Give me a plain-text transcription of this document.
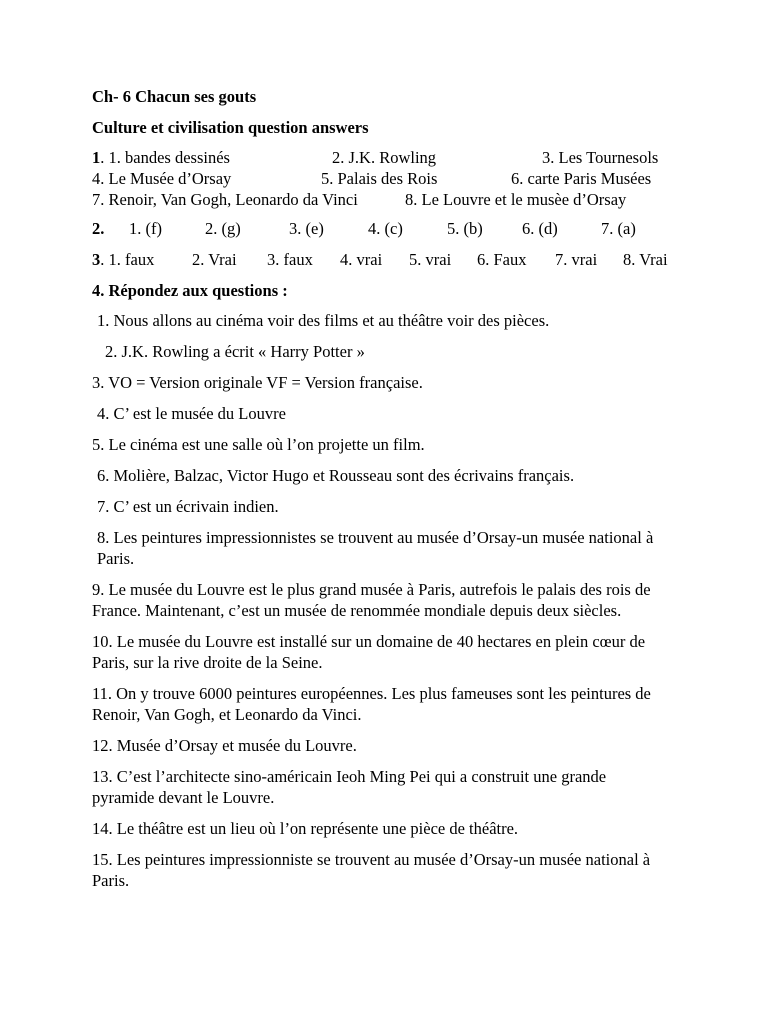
Ch- 6 Chacun ses gouts

Culture et civilisation question answers

1. 1. bandes dessinés	2. J.K. Rowling	3. Les Tournesols
4. Le Musée d’Orsay	5. Palais des Rois	6. carte Paris Musées
7. Renoir, Van Gogh, Leonardo da Vinci	8. Le Louvre et le musèe d’Orsay
2. 1. (f)	2. (g)	3. (e)	4. (c)	5. (b) 6. (d)	7. (a)
3. 1. faux 2. Vrai 3. faux 4. vrai 5. vrai 6. Faux 7. vrai 8. Vrai

4. Répondez aux questions :

1. Nous allons au cinéma voir des films et au théâtre voir des pièces.

2. J.K. Rowling a écrit « Harry Potter »

3. VO = Version originale VF = Version française.

4. C’ est le musée du Louvre

5. Le cinéma est une salle où l’on projette un film.

6. Molière, Balzac, Victor Hugo et Rousseau sont des écrivains français.

7. C’ est un écrivain indien.

8. Les peintures impressionnistes se trouvent au musée d’Orsay-un musée national à Paris.

9. Le musée du Louvre est le plus grand musée à Paris, autrefois le palais des rois de France. Maintenant, c’est un musée de renommée mondiale depuis deux siècles.

10. Le musée du Louvre est installé sur un domaine de 40 hectares en plein cœur de Paris, sur la rive droite de la Seine.

11. On y trouve 6000 peintures européennes. Les plus fameuses sont les peintures de Renoir, Van Gogh, et Leonardo da Vinci.

12. Musée d’Orsay et musée du Louvre.

13. C’est l’architecte sino-américain Ieoh Ming Pei qui a construit une grande pyramide devant le Louvre.

14. Le théâtre est un lieu où l’on représente une pièce de théâtre.

15. Les peintures impressionniste se trouvent au musée d’Orsay-un musée national à Paris.
